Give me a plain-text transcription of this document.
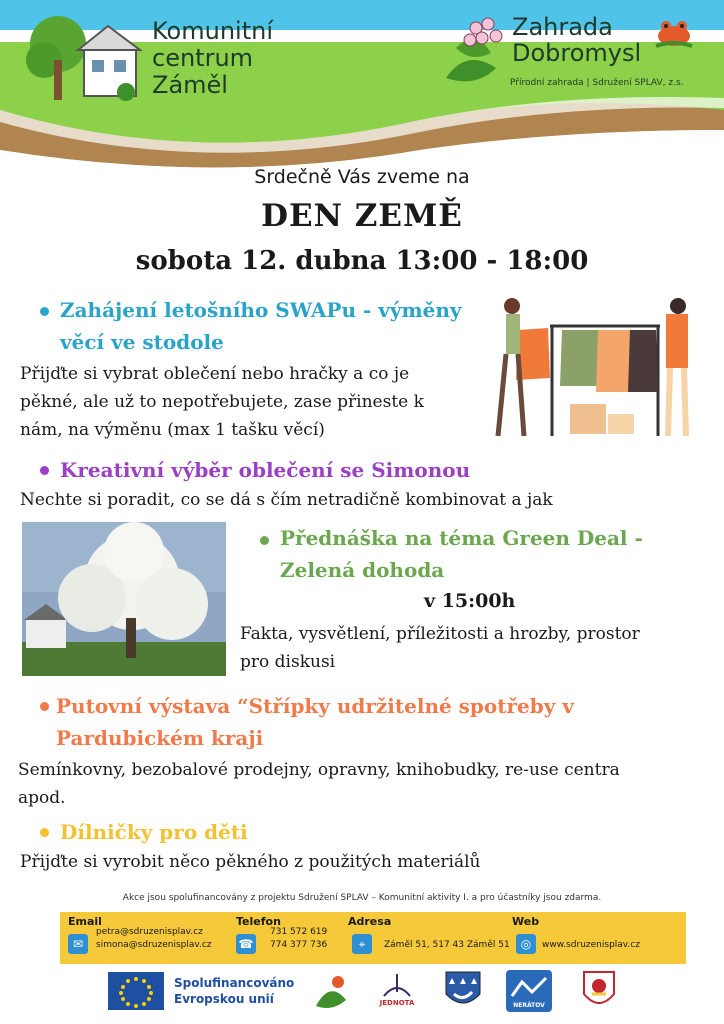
Komunitní
centrum
Záměl
Zahrada
Dobromysl
Přírodní zahrada | Sdružení SPLAV, z.s.
Srdečně Vás zveme na
DEN ZEMĚ
sobota 12. dubna 13:00 - 18:00
Zahájení letošního SWAPu - výměny
věcí ve stodole
Přijďte si vybrat oblečení nebo hračky a co je
pěkné, ale už to nepotřebujete, zase přineste k
nám, na výměnu (max 1 tašku věcí)
Kreativní výběr oblečení se Simonou
Nechte si poradit, co se dá s čím netradičně kombinovat a jak
Přednáška na téma Green Deal -
Zelená dohoda
v 15:00h
Fakta, vysvětlení, příležitosti a hrozby, prostor
pro diskusi
Putovní výstava “Střípky udržitelné spotřeby v
Pardubickém kraji
Semínkovny, bezobalové prodejny, opravny, knihobudky, re-use centra
apod.
Dílničky pro děti
Přijďte si vyrobit něco pěkného z použitých materiálů
Akce jsou spolufinancovány z projektu Sdružení SPLAV – Komunitní aktivity I. a pro účastníky jsou zdarma.
Email
✉
petra@sdruzenisplav.cz
simona@sdruzenisplav.cz
Telefon
☎
731 572 619
774 377 736
Adresa
⌖	Záměl 51, 517 43 Záměl 51
Web
◎	www.sdruzenisplav.cz
Spolufinancováno
Evropskou unií	JEDNOTA	NERÁTOV
